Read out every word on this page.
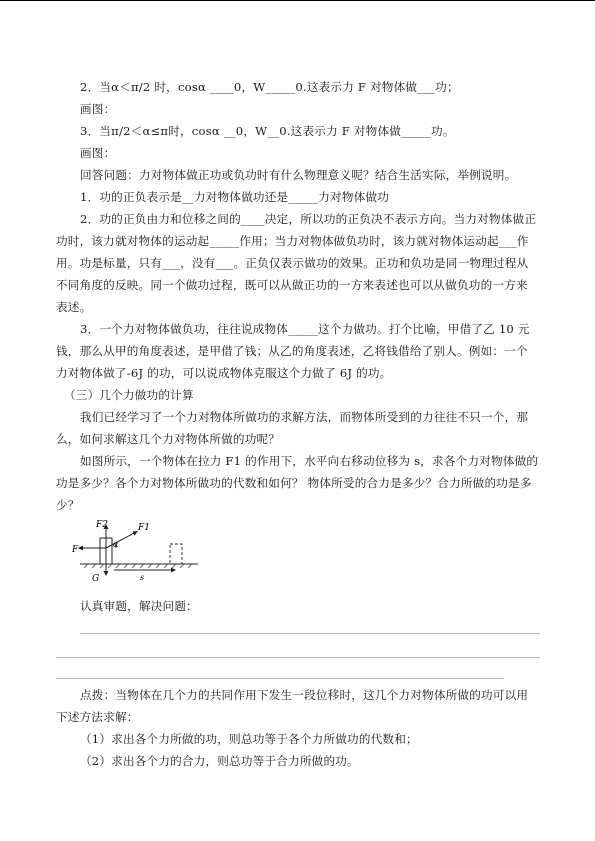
2．当α＜π/2 时，cosα ____0，W_____0.这表示力 F 对物体做___功；
画图：
3．当π/2＜α≤π时，cosα __0，W__0.这表示力 F 对物体做_____功。
画图：
回答问题：力对物体做正功或负功时有什么物理意义呢？结合生活实际，举例说明。
1．功的正负表示是__力对物体做功还是_____力对物体做功
2．功的正负由力和位移之间的____决定，所以功的正负决不表示方向。当力对物体做正
功时，该力就对物体的运动起_____作用；当力对物体做负功时，该力就对物体运动起___作
用。功是标量，只有___，没有___。正负仅表示做功的效果。正功和负功是同一物理过程从
不同角度的反映。同一个做功过程，既可以从做正功的一方来表述也可以从做负功的一方来
表述。
3．一个力对物体做负功，往往说成物体_____这个力做功。打个比喻，甲借了乙 10 元
钱，那么从甲的角度表述，是甲借了钱；从乙的角度表述，乙将钱借给了别人。例如：一个
力对物体做了-6J 的功，可以说成物体克服这个力做了 6J 的功。
（三）几个力做功的计算
我们已经学习了一个力对物体所做功的求解方法，而物体所受到的力往往不只一个，那
么，如何求解这几个力对物体所做的功呢？
如图所示，一个物体在拉力 F1 的作用下，水平向右移动位移为 s，求各个力对物体做的
功是多少？各个力对物体所做功的代数和如何？ 物体所受的合力是多少？合力所做的功是多
少？
F2	F1
α
F
G	s
认真审题，解决问题：
点拨：当物体在几个力的共同作用下发生一段位移时，这几个力对物体所做的功可以用
下述方法求解：
（1）求出各个力所做的功，则总功等于各个力所做功的代数和；
（2）求出各个力的合力，则总功等于合力所做的功。
